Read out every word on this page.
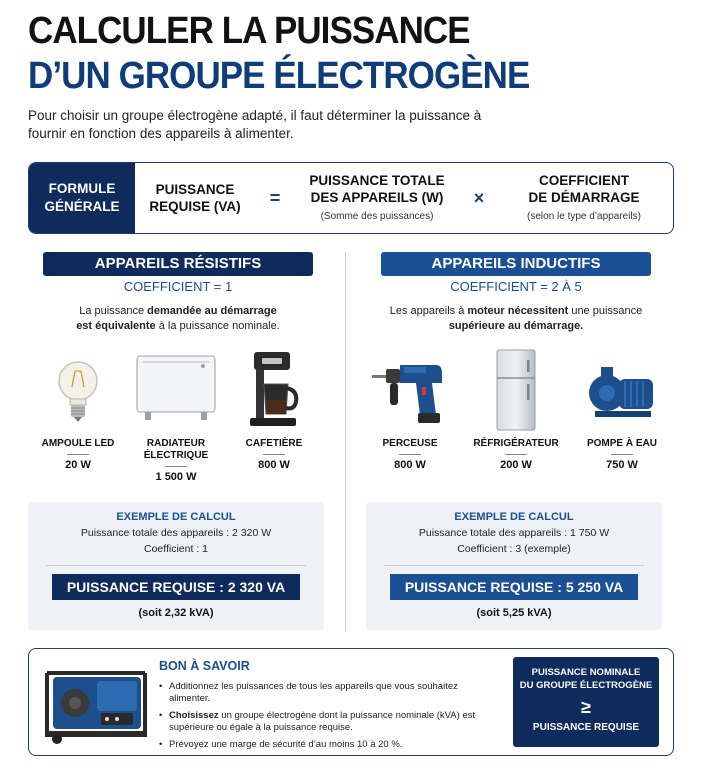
CALCULER LA PUISSANCE
D’UN GROUPE ÉLECTROGÈNE
Pour choisir un groupe électrogène adapté, il faut déterminer la puissance à fournir en fonction des appareils à alimenter.
FORMULE
GÉNÉRALE
PUISSANCE
REQUISE (VA)	=
PUISSANCE TOTALE
DES APPAREILS (W)
(Somme des puissances)
×
COEFFICIENT
DE DÉMARRAGE
(selon le type d’appareils)
APPAREILS RÉSISTIFS
COEFFICIENT = 1
La puissance demandée au démarrage
est équivalente à la puissance nominale.
AMPOULE LED
20 W
RADIATEUR ÉLECTRIQUE
1 500 W
CAFETIÈRE
800 W
EXEMPLE DE CALCUL
Puissance totale des appareils : 2 320 W
Coefficient : 1
PUISSANCE REQUISE : 2 320 VA
(soit 2,32 kVA)
APPAREILS INDUCTIFS
COEFFICIENT = 2 À 5
Les appareils à moteur nécessitent une puissance
supérieure au démarrage.
PERCEUSE
800 W
RÉFRIGÉRATEUR
200 W
POMPE À EAU
750 W
EXEMPLE DE CALCUL
Puissance totale des appareils : 1 750 W
Coefficient : 3 (exemple)
PUISSANCE REQUISE : 5 250 VA
(soit 5,25 kVA)
BON À SAVOIR
• Additionnez les puissances de tous les appareils que vous souhaitez alimenter.
• Choisissez un groupe électrogène dont la puissance nominale (kVA) est supérieure ou égale à la puissance requise.
• Prévoyez une marge de sécurité d’au moins 10 à 20 %.
PUISSANCE NOMINALE
DU GROUPE ÉLECTROGÈNE
≥
PUISSANCE REQUISE
